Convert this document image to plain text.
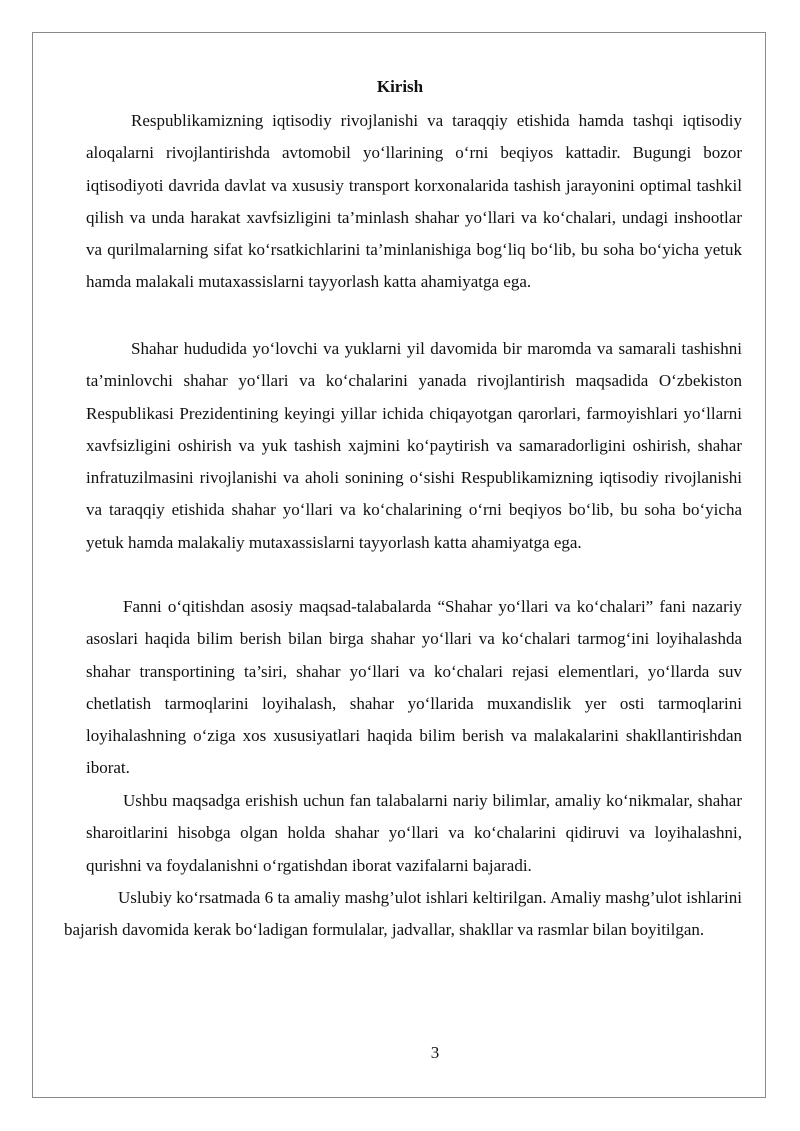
Kirish

Respublikamizning iqtisodiy rivojlanishi va taraqqiy etishida hamda tashqi iqtisodiy aloqalarni rivojlantirishda avtomobil yo‘llarining o‘rni beqiyos kattadir. Bugungi bozor iqtisodiyoti davrida davlat va xususiy transport korxonalarida tashish jarayonini optimal tashkil qilish va unda harakat xavfsizligini ta’minlash shahar yo‘llari va ko‘chalari, undagi inshootlar va qurilmalarning sifat ko‘rsatkichlarini ta’minlanishiga bog‘liq bo‘lib, bu soha bo‘yicha yetuk hamda malakali mutaxassislarni tayyorlash katta ahamiyatga ega.

Shahar hududida yo‘lovchi va yuklarni yil davomida bir maromda va samarali tashishni ta’minlovchi shahar yo‘llari va ko‘chalarini yanada rivojlantirish maqsadida O‘zbekiston Respublikasi Prezidentining keyingi yillar ichida chiqayotgan qarorlari, farmoyishlari yo‘llarni xavfsizligini oshirish va yuk tashish xajmini ko‘paytirish va samaradorligini oshirish, shahar infratuzilmasini rivojlanishi va aholi sonining o‘sishi Respublikamizning iqtisodiy rivojlanishi va taraqqiy etishida shahar yo‘llari va ko‘chalarining o‘rni beqiyos bo‘lib, bu soha bo‘yicha yetuk hamda malakaliy mutaxassislarni tayyorlash katta ahamiyatga ega.

Fanni o‘qitishdan asosiy maqsad-talabalarda “Shahar yo‘llari va ko‘chalari” fani nazariy asoslari haqida bilim berish bilan birga shahar yo‘llari va ko‘chalari tarmog‘ini loyihalashda shahar transportining ta’siri, shahar yo‘llari va ko‘chalari rejasi elementlari, yo‘llarda suv chetlatish tarmoqlarini loyihalash, shahar yo‘llarida muxandislik yer osti tarmoqlarini loyihalashning o‘ziga xos xususiyatlari haqida bilim berish va malakalarini shakllantirishdan iborat.

Ushbu maqsadga erishish uchun fan talabalarni nariy bilimlar, amaliy ko‘nikmalar, shahar sharoitlarini hisobga olgan holda shahar yo‘llari va ko‘chalarini qidiruvi va loyihalashni, qurishni va foydalanishni o‘rgatishdan iborat vazifalarni bajaradi.

Uslubiy ko‘rsatmada 6 ta amaliy mashg’ulot ishlari keltirilgan. Amaliy mashg’ulot ishlarini bajarish davomida kerak bo‘ladigan formulalar, jadvallar, shakllar va rasmlar bilan boyitilgan.

3
